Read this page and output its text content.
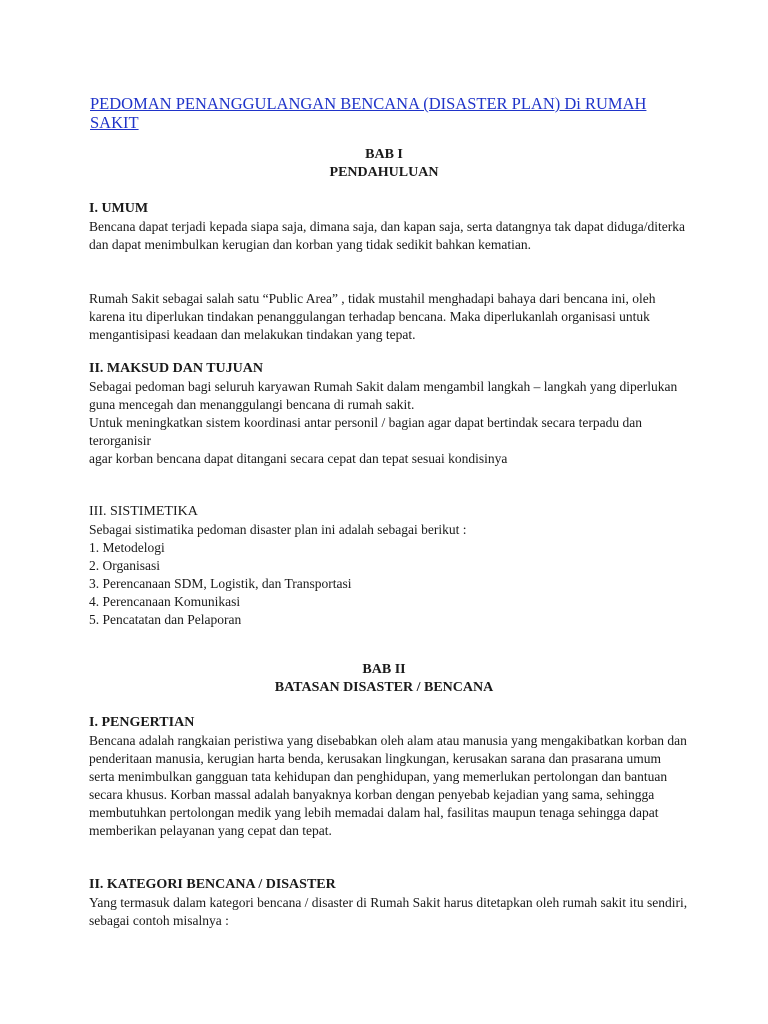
PEDOMAN PENANGGULANGAN BENCANA (DISASTER PLAN) Di RUMAH SAKIT
BAB I
PENDAHULUAN
I. UMUM

Bencana dapat terjadi kepada siapa saja, dimana saja, dan kapan saja, serta datangnya tak dapat diduga/diterka dan dapat menimbulkan kerugian dan korban yang tidak sedikit bahkan kematian.

Rumah Sakit sebagai salah satu “Public Area” , tidak mustahil menghadapi bahaya dari bencana ini, oleh karena itu diperlukan tindakan penanggulangan terhadap bencana. Maka diperlukanlah organisasi untuk mengantisipasi keadaan dan melakukan tindakan yang tepat.

II. MAKSUD DAN TUJUAN

Sebagai pedoman bagi seluruh karyawan Rumah Sakit dalam mengambil langkah – langkah yang diperlukan guna mencegah dan menanggulangi bencana di rumah sakit.

Untuk meningkatkan sistem koordinasi antar personil / bagian agar dapat bertindak secara terpadu dan terorganisir

agar korban bencana dapat ditangani secara cepat dan tepat sesuai kondisinya

III. SISTIMETIKA

Sebagai sistimatika pedoman disaster plan ini adalah sebagai berikut :

1. Metodelogi
2. Organisasi
3. Perencanaan SDM, Logistik, dan Transportasi
4. Perencanaan Komunikasi
5. Pencatatan dan Pelaporan
BAB II
BATASAN DISASTER / BENCANA
I. PENGERTIAN

Bencana adalah rangkaian peristiwa yang disebabkan oleh alam atau manusia yang mengakibatkan korban dan penderitaan manusia, kerugian harta benda, kerusakan lingkungan, kerusakan sarana dan prasarana umum serta menimbulkan gangguan tata kehidupan dan penghidupan, yang memerlukan pertolongan dan bantuan secara khusus. Korban massal adalah banyaknya korban dengan penyebab kejadian yang sama, sehingga membutuhkan pertolongan medik yang lebih memadai dalam hal, fasilitas maupun tenaga sehingga dapat memberikan pelayanan yang cepat dan tepat.

II. KATEGORI BENCANA / DISASTER

Yang termasuk dalam kategori bencana / disaster di Rumah Sakit harus ditetapkan oleh rumah sakit itu sendiri, sebagai contoh misalnya :
